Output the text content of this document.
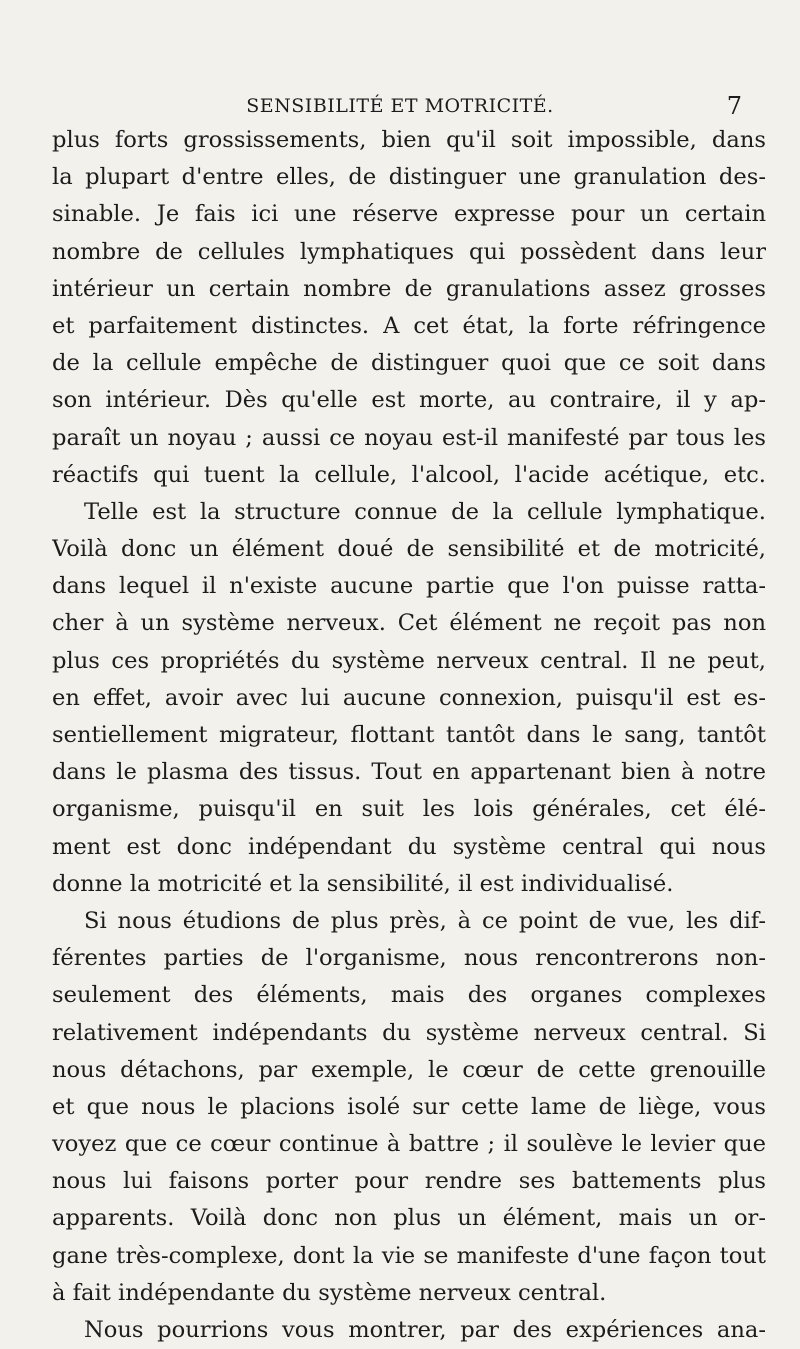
SENSIBILITÉ ET MOTRICITÉ.	7
plus forts grossissements, bien qu'il soit impossible, dans
la plupart d'entre elles, de distinguer une granulation des-
sinable. Je fais ici une réserve expresse pour un certain
nombre de cellules lymphatiques qui possèdent dans leur
intérieur un certain nombre de granulations assez grosses
et parfaitement distinctes. A cet état, la forte réfringence
de la cellule empêche de distinguer quoi que ce soit dans
son intérieur. Dès qu'elle est morte, au contraire, il y ap-
paraît un noyau ; aussi ce noyau est-il manifesté par tous les
réactifs qui tuent la cellule, l'alcool, l'acide acétique, etc.
Telle est la structure connue de la cellule lymphatique.
Voilà donc un élément doué de sensibilité et de motricité,
dans lequel il n'existe aucune partie que l'on puisse ratta-
cher à un système nerveux. Cet élément ne reçoit pas non
plus ces propriétés du système nerveux central. Il ne peut,
en effet, avoir avec lui aucune connexion, puisqu'il est es-
sentiellement migrateur, flottant tantôt dans le sang, tantôt
dans le plasma des tissus. Tout en appartenant bien à notre
organisme, puisqu'il en suit les lois générales, cet élé-
ment est donc indépendant du système central qui nous
donne la motricité et la sensibilité, il est individualisé.
Si nous étudions de plus près, à ce point de vue, les dif-
férentes parties de l'organisme, nous rencontrerons non-
seulement des éléments, mais des organes complexes
relativement indépendants du système nerveux central. Si
nous détachons, par exemple, le cœur de cette grenouille
et que nous le placions isolé sur cette lame de liège, vous
voyez que ce cœur continue à battre ; il soulève le levier que
nous lui faisons porter pour rendre ses battements plus
apparents. Voilà donc non plus un élément, mais un or-
gane très-complexe, dont la vie se manifeste d'une façon tout
à fait indépendante du système nerveux central.
Nous pourrions vous montrer, par des expériences ana-
